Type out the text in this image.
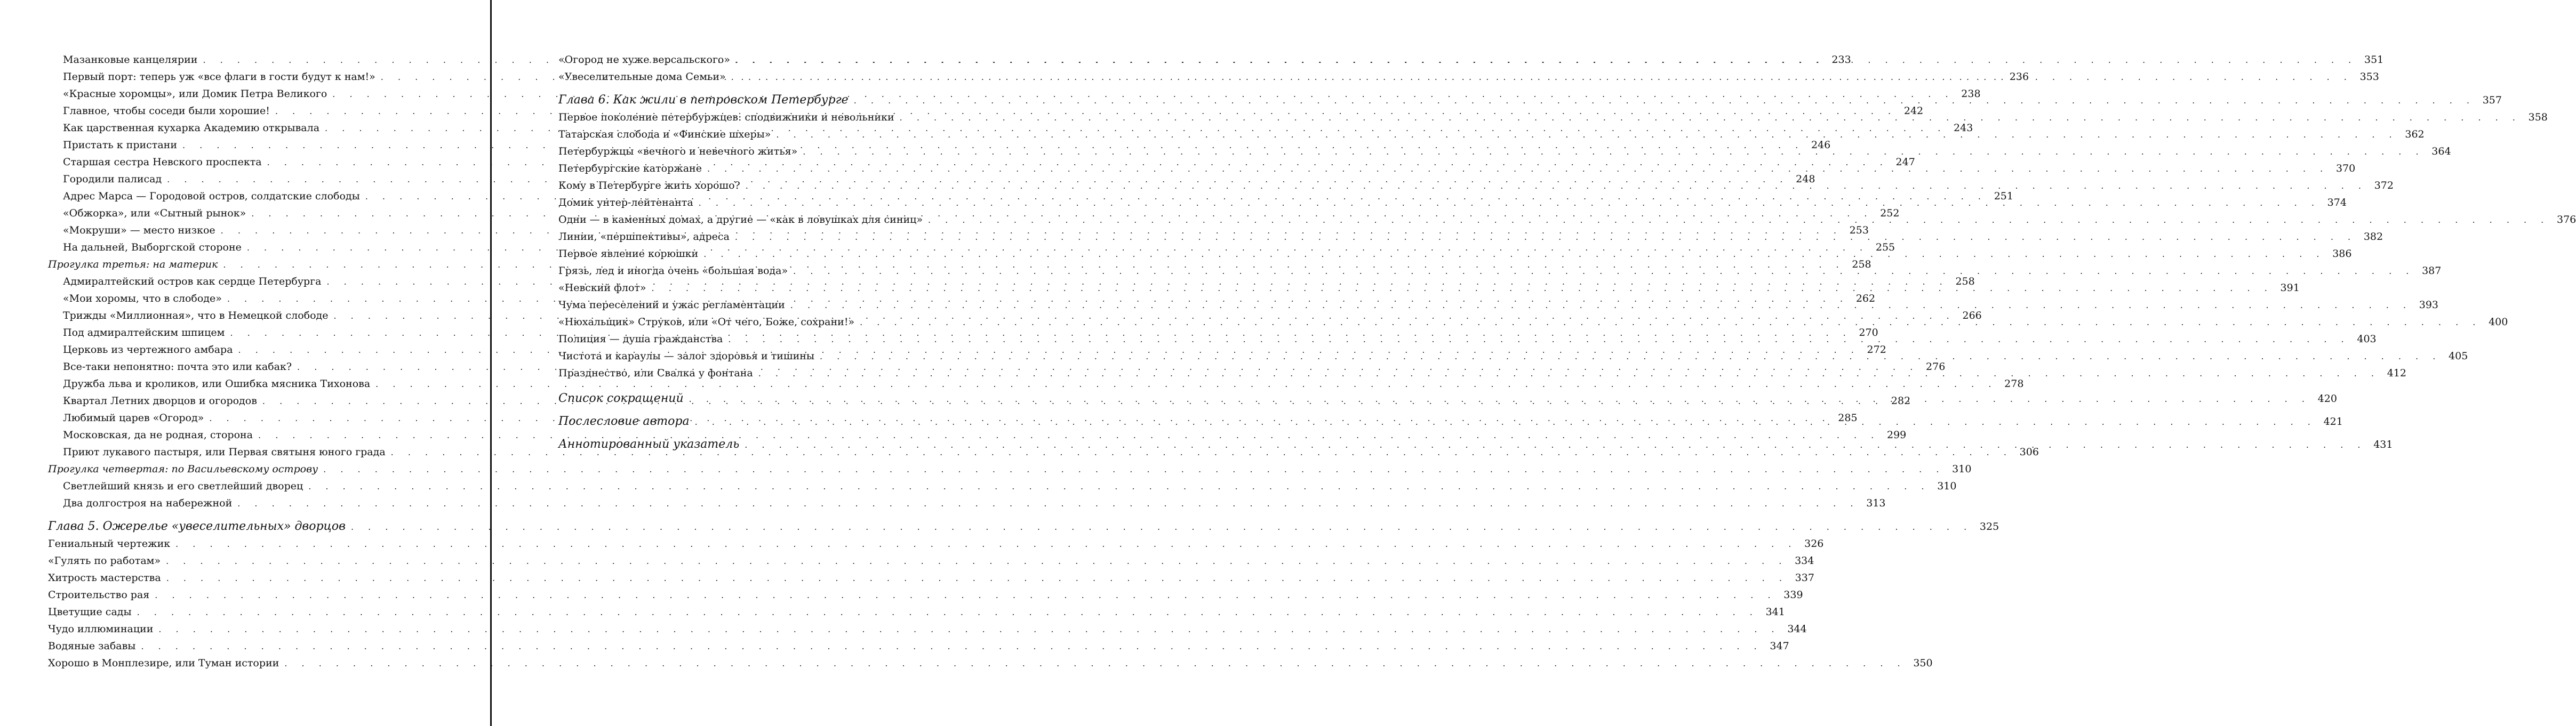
Мазанковые канцелярии . . .	233
Первый порт: теперь уж «все флаги в гости будут к нам!» . . .	236
«Красные хоромцы», или Домик Петра Великого . . .	238
Главное, чтобы соседи были хорошие! . . .	242
Как царственная кухарка Академию открывала . . .	243
Пристать к пристани . . .	246
Старшая сестра Невского проспекта . . .	247
Городили палисад . . .	248
Адрес Марса — Городовой остров, солдатские слободы . . .	251
«Обжорка», или «Сытный рынок» . . .	252
«Мокруши» — место низкое . . .	253
На дальней, Выборгской стороне . . .	255
Прогулка третья: на материк . . .	258
Адмиралтейский остров как сердце Петербурга . . .	258
«Мои хоромы, что в слободе» . . .	262
Трижды «Миллионная», что в Немецкой слободе . . .	266
Под адмиралтейским шпицем . . .	270
Церковь из чертежного амбара . . .	272
Все-таки непонятно: почта это или кабак? . . .	276
Дружба льва и кроликов, или Ошибка мясника Тихонова . . .	278
Квартал Летних дворцов и огородов . . .	282
Любимый царев «Огород» . . .	285
Московская, да не родная, сторона . . .	299
Приют лукавого пастыря, или Первая святыня юного града . . .	306
Прогулка четвертая: по Васильевскому острову . . .	310
Светлейший князь и его светлейший дворец . . .	310
Два долгостроя на набережной . . .	313
Глава 5. Ожерелье «увеселительных» дворцов . . .	325
Гениальный чертежик . . .	326
«Гулять по работам» . . .	334
Хитрость мастерства . . .	337
Строительство рая . . .	339
Цветущие сады . . .	341
Чудо иллюминации . . .	344
Водяные забавы . . .	347
Хорошо в Монплезире, или Туман истории . . .	350
«Огород не хуже версальского» . . .	351
«Увеселительные дома Семьи» . . .	353
Глава 6. Как жили в петровском Петербурге . . .	357
Первое поколение петербуржцев: сподвижники и невольники . . .	358
Татарская слобода и «Финские шхеры» . . .	362
Петербуржцы «вечного и невечного житья» . . .	364
Петербургские каторжане . . .	370
Кому в Петербурге жить хорошо? . . .	372
Домик унтер-лейтенанта . . .	374
Одни — в каменных домах, а другие — «как в ловушках для синиц» . . .	376
Линии, «першпективы», адреса . . .	382
Первое явление корюшки . . .	386
Грязь, лед и иногда очень «большая вода» . . .	387
«Невский флот» . . .	391
Чума переселений и ужас регламентации . . .	393
«Нюхальщик» Струков, или «От чего, Боже, сохрани!» . . .	400
Полиция — душа гражданства . . .	403
Чистота и караулы — залог здоровья и тишины . . .	405
Празднество, или Свалка у фонтана . . .	412
Список сокращений . . .	420
Послесловие автора . . .	421
Аннотированный указатель . . .	431
